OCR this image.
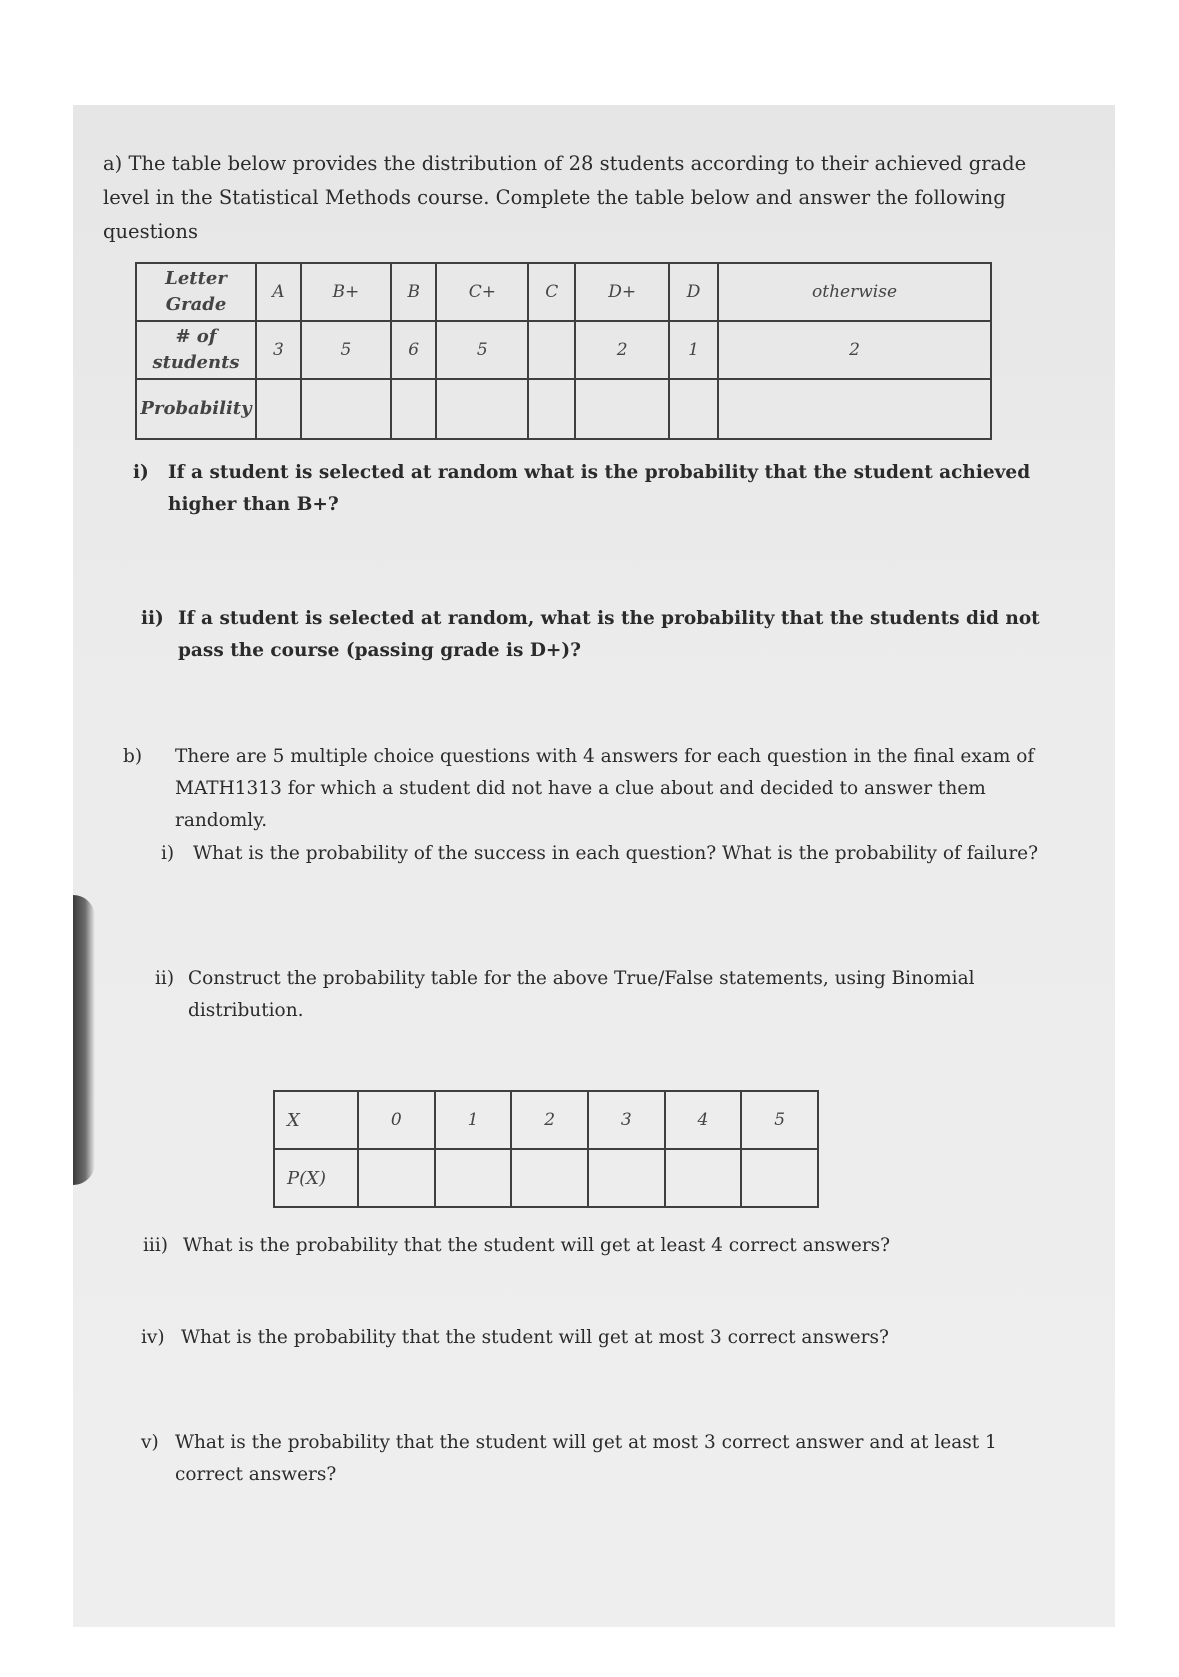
a) The table below provides the distribution of 28 students according to their achieved grade level in the Statistical Methods course. Complete the table below and answer the following questions
Letter Grade	A	B+	B	C+	C	D+	D	otherwise
# of students	3	5	6	5		2	1	2
Probability								
i) If a student is selected at random what is the probability that the student achieved higher than B+?
ii) If a student is selected at random, what is the probability that the students did not pass the course (passing grade is D+)?
b) There are 5 multiple choice questions with 4 answers for each question in the final exam of MATH1313 for which a student did not have a clue about and decided to answer them randomly.
i) What is the probability of the success in each question? What is the probability of failure?
ii) Construct the probability table for the above True/False statements, using Binomial distribution.
X	0	1	2	3	4	5
P(X)						
iii) What is the probability that the student will get at least 4 correct answers?
iv) What is the probability that the student will get at most 3 correct answers?
v) What is the probability that the student will get at most 3 correct answer and at least 1 correct answers?
